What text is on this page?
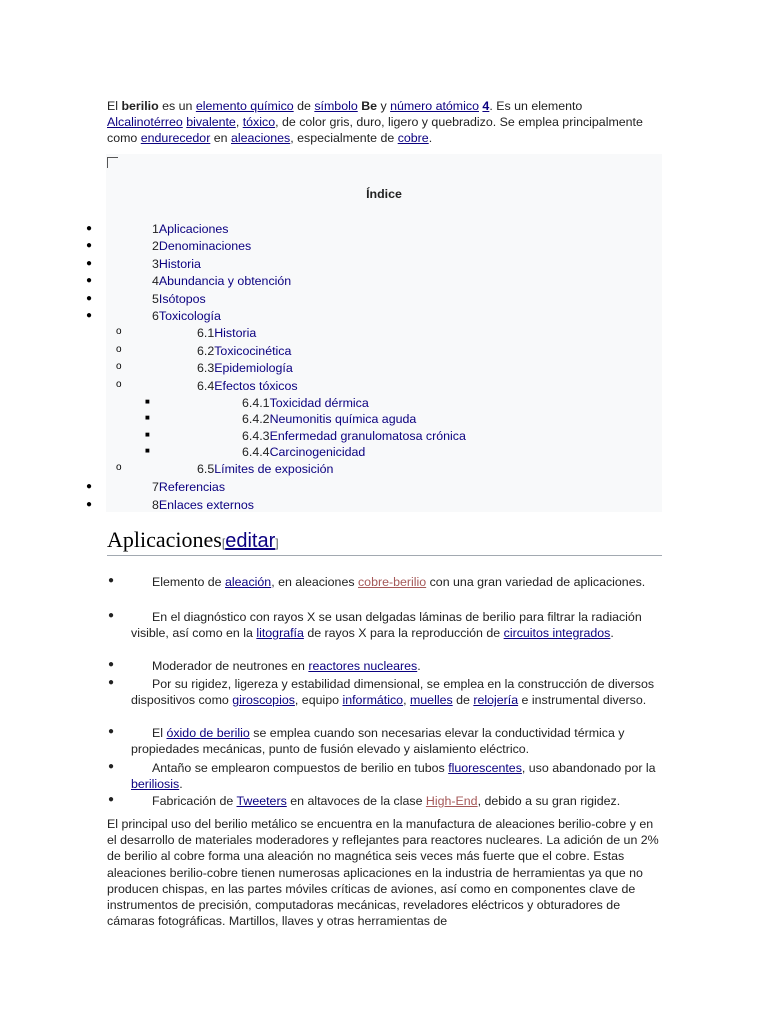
El berilio es un elemento químico de símbolo Be y número atómico 4. Es un elemento Alcalinotérreo bivalente, tóxico, de color gris, duro, ligero y quebradizo. Se emplea principalmente como endurecedor en aleaciones, especialmente de cobre.
Índice
●	1Aplicaciones
●	2Denominaciones
●	3Historia
●	4Abundancia y obtención
●	5Isótopos
●	6Toxicología
o	6.1Historia
o	6.2Toxicocinética
o	6.3Epidemiología
o	6.4Efectos tóxicos
■	6.4.1Toxicidad dérmica
■	6.4.2Neumonitis química aguda
■	6.4.3Enfermedad granulomatosa crónica
■	6.4.4Carcinogenicidad
o	6.5Límites de exposición
●	7Referencias
●	8Enlaces externos
Aplicaciones[editar]
●	Elemento de aleación, en aleaciones cobre-berilio con una gran variedad de aplicaciones.
●	En el diagnóstico con rayos X se usan delgadas láminas de berilio para filtrar la radiación visible, así como en la litografía de rayos X para la reproducción de circuitos integrados.
●	Moderador de neutrones en reactores nucleares.
●	Por su rigidez, ligereza y estabilidad dimensional, se emplea en la construcción de diversos dispositivos como giroscopios, equipo informático, muelles de relojería e instrumental diverso.
●	El óxido de berilio se emplea cuando son necesarias elevar la conductividad térmica y propiedades mecánicas, punto de fusión elevado y aislamiento eléctrico.
●	Antaño se emplearon compuestos de berilio en tubos fluorescentes, uso abandonado por la beriliosis.
●	Fabricación de Tweeters en altavoces de la clase High-End, debido a su gran rigidez.
El principal uso del berilio metálico se encuentra en la manufactura de aleaciones berilio-cobre y en el desarrollo de materiales moderadores y reflejantes para reactores nucleares. La adición de un 2% de berilio al cobre forma una aleación no magnética seis veces más fuerte que el cobre. Estas aleaciones berilio-cobre tienen numerosas aplicaciones en la industria de herramientas ya que no producen chispas, en las partes móviles críticas de aviones, así como en componentes clave de instrumentos de precisión, computadoras mecánicas, reveladores eléctricos y obturadores de cámaras fotográficas. Martillos, llaves y otras herramientas de
